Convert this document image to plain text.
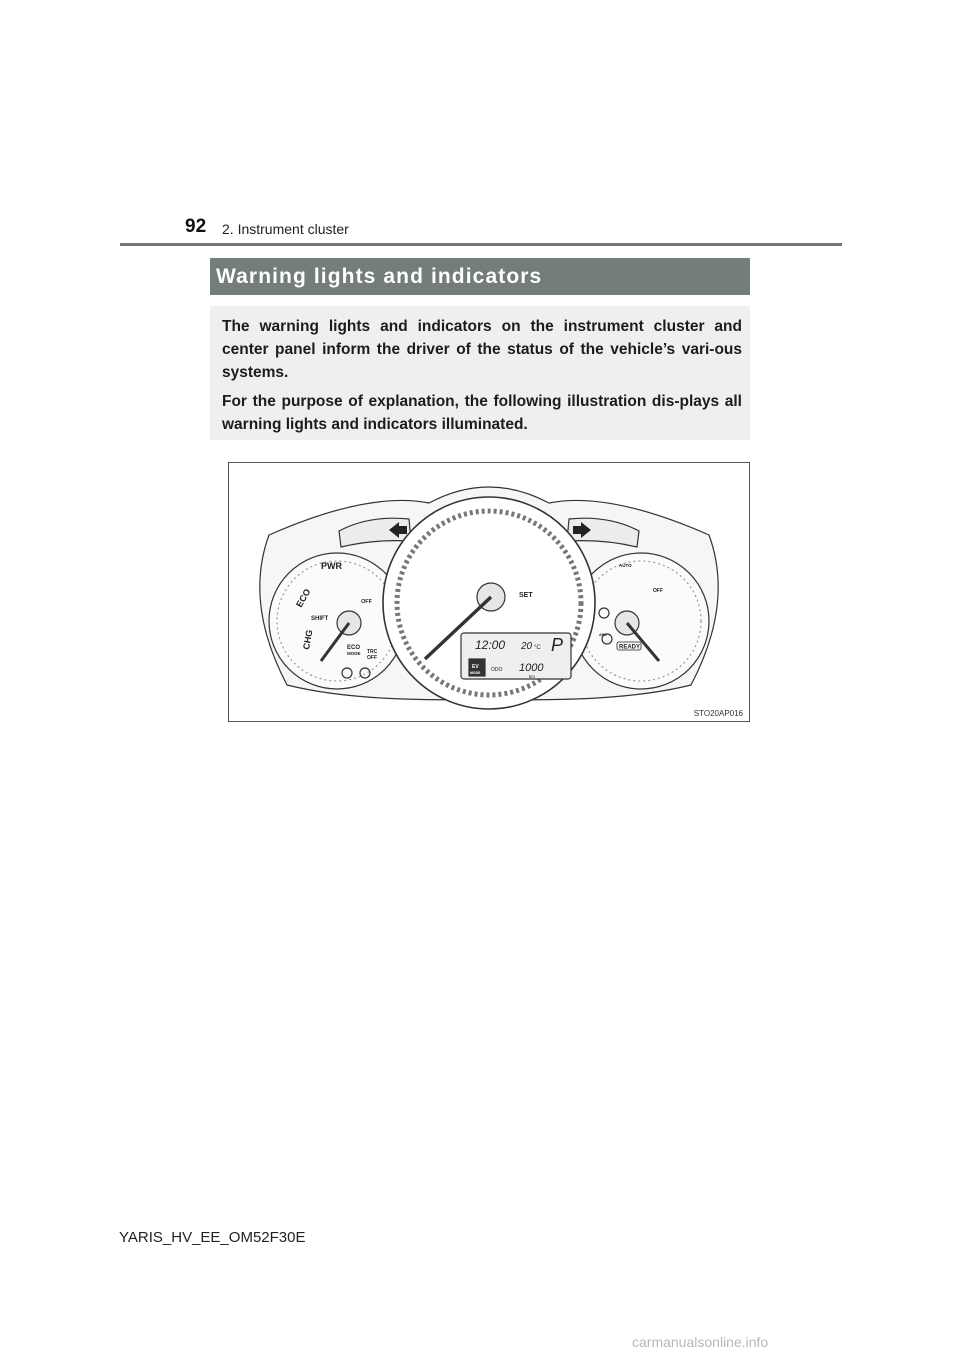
92 2. Instrument cluster
Warning lights and indicators

The warning lights and indicators on the instrument cluster and center panel inform the driver of the status of the vehicle’s vari-ous systems.

For the purpose of explanation, the following illustration dis-plays all warning lights and indicators illuminated.

PWR
ECO
CHG
SHIFT
OFF
ECO
MODE TRC
OFF
SET
12:00 20 °C P
ODO 1000
km
EV
MODE
AUTO
OFF
READY
ABS
STO20AP016
YARIS_HV_EE_OM52F30E
carmanualsonline.info
